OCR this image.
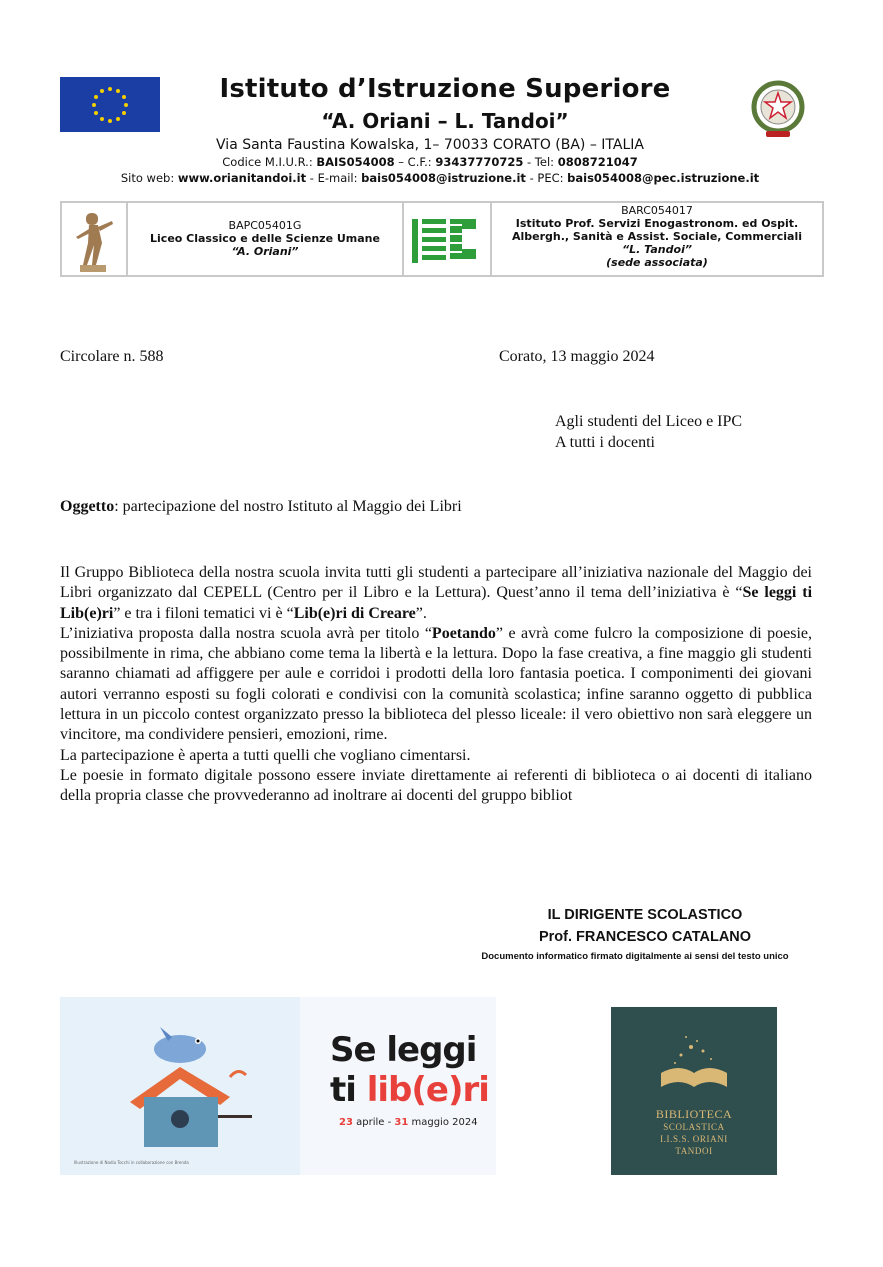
Istituto d’Istruzione Superiore
“A. Oriani – L. Tandoi”
Via Santa Faustina Kowalska, 1– 70033 CORATO (BA) – ITALIA
Codice M.I.U.R.: BAIS054008 – C.F.: 93437770725 - Tel: 0808721047
Sito web: www.orianitandoi.it - E-mail: bais054008@istruzione.it - PEC: bais054008@pec.istruzione.it
BAPC05401G
Liceo Classico e delle Scienze Umane
“A. Oriani”
BARC054017
Istituto Prof. Servizi Enogastronom. ed Ospit.
Albergh., Sanità e Assist. Sociale, Commerciali
“L. Tandoi”
(sede associata)
Circolare n. 588	Corato, 13 maggio 2024
Agli studenti del Liceo e IPC
A tutti i docenti
Oggetto: partecipazione del nostro Istituto al Maggio dei Libri

Il Gruppo Biblioteca della nostra scuola invita tutti gli studenti a partecipare all’iniziativa nazionale del Maggio dei Libri organizzato dal CEPELL (Centro per il Libro e la Lettura). Quest’anno il tema dell’iniziativa è “Se leggi ti Lib(e)ri” e tra i filoni tematici vi è “Lib(e)ri di Creare”.

L’iniziativa proposta dalla nostra scuola avrà per titolo “Poetando” e avrà come fulcro la composizione di poesie, possibilmente in rima, che abbiano come tema la libertà e la lettura. Dopo la fase creativa, a fine maggio gli studenti saranno chiamati ad affiggere per aule e corridoi i prodotti della loro fantasia poetica. I componimenti dei giovani autori verranno esposti su fogli colorati e condivisi con la comunità scolastica; infine saranno oggetto di pubblica lettura in un piccolo contest organizzato presso la biblioteca del plesso liceale: il vero obiettivo non sarà eleggere un vincitore, ma condividere pensieri, emozioni, rime.

La partecipazione è aperta a tutti quelli che vogliano cimentarsi.

Le poesie in formato digitale possono essere inviate direttamente ai referenti di biblioteca o ai docenti di italiano della propria classe che provvederanno ad inoltrare ai docenti del gruppo bibliot

IL DIRIGENTE SCOLASTICO
Prof. FRANCESCO CATALANO
Documento informatico firmato digitalmente ai sensi del testo unico
Se leggi
ti lib(e)ri
23 aprile - 31 maggio 2024
Illustrazione di Nadia Tocchi in collaborazione con Brenda
BIBLIOTECA
SCOLASTICA
I.I.S.S. ORIANI
TANDOI
